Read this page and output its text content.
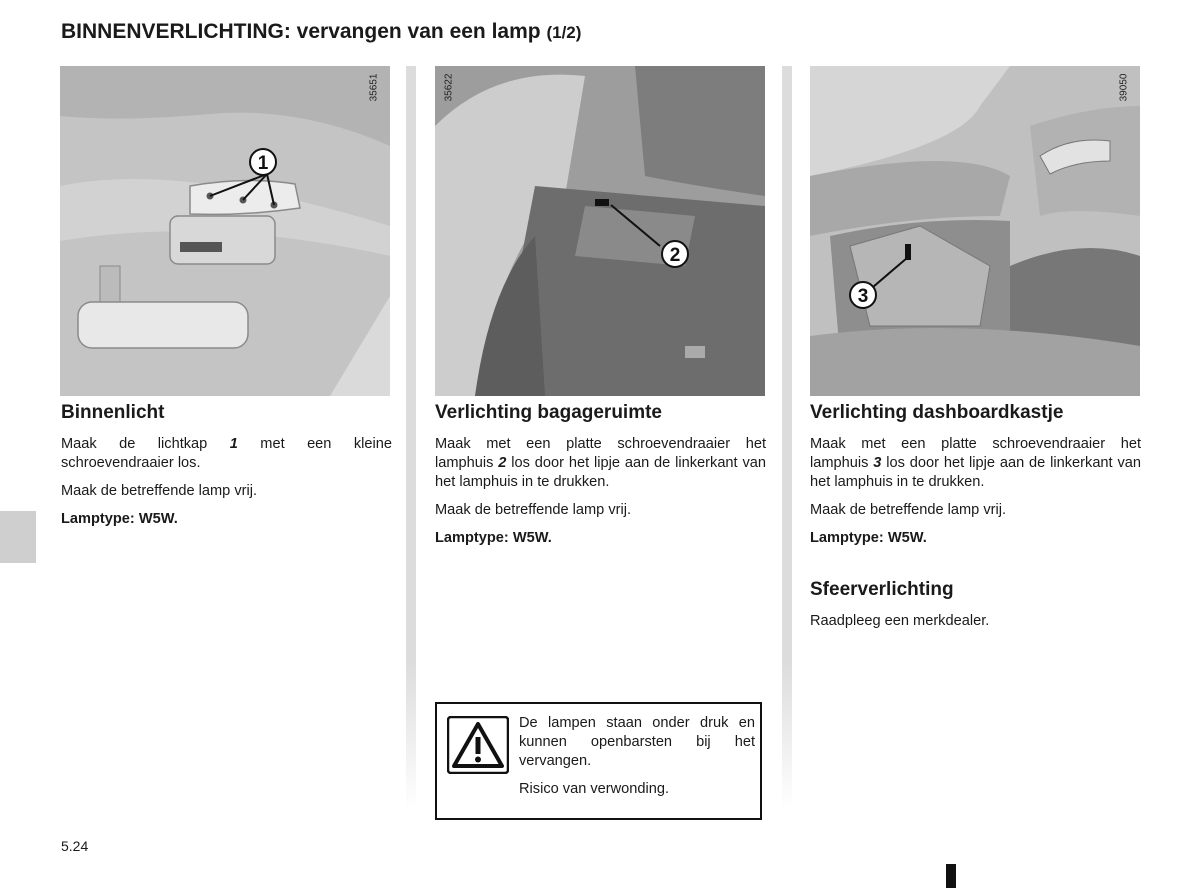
BINNENVERLICHTING: vervangen van een lamp (1/2)
1
35651
2
35622
3
39050
Binnenlicht

Maak de lichtkap 1 met een kleine schroevendraaier los.

Maak de betreffende lamp vrij.

Lamptype: W5W.

Verlichting bagageruimte

Maak met een platte schroevendraaier het lamphuis 2 los door het lipje aan de linkerkant van het lamphuis in te drukken.

Maak de betreffende lamp vrij.

Lamptype: W5W.

Verlichting dashboardkastje

Maak met een platte schroevendraaier het lamphuis 3 los door het lipje aan de linkerkant van het lamphuis in te drukken.

Maak de betreffende lamp vrij.

Lamptype: W5W.

Sfeerverlichting

Raadpleeg een merkdealer.

De lampen staan onder druk en kunnen openbarsten bij het vervangen.

Risico van verwonding.

5.24
